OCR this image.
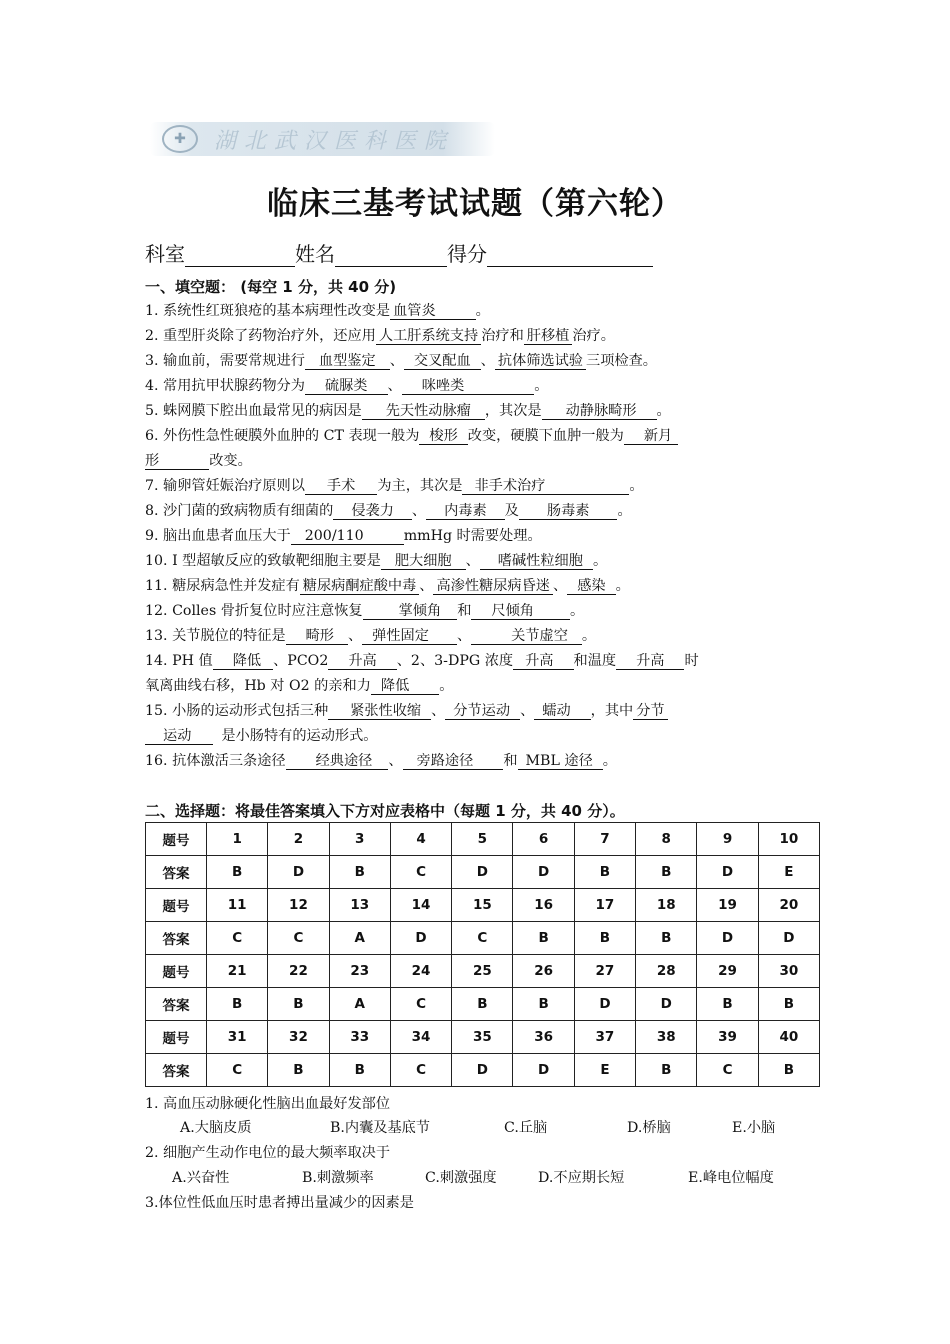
✚	湖北武汉医科医院
临床三基考试试题（第六轮）
科室	姓名	得分
一、填空题： (每空 1 分，共 40 分)
1. 系统性红斑狼疮的基本病理性改变是 血管炎	。
2. 重型肝炎除了药物治疗外，还应用 人工肝系统支持 治疗和 肝移植 治疗。
3. 输血前，需要常规进行 血型鉴定 、 交叉配血 、 抗体筛选试验 三项检查。
4. 常用抗甲状腺药物分为 硫脲类 、 咪唑类	。
5. 蛛网膜下腔出血最常见的病因是 先天性动脉瘤 ，其次是 动静脉畸形 。
6. 外伤性急性硬膜外血肿的 CT 表现一般为 梭形 改变，硬膜下血肿一般为 新月
形	改变。
7. 输卵管妊娠治疗原则以 手术 为主，其次是 非手术治疗	。
8. 沙门菌的致病物质有细菌的 侵袭力 、 内毒素 及 肠毒素 。
9. 脑出血患者血压大于 200/110	mmHg 时需要处理。
10. Ⅰ 型超敏反应的致敏靶细胞主要是 肥大细胞 、 嗜碱性粒细胞 。
11. 糖尿病急性并发症有 糖尿病酮症酸中毒 、 高渗性糖尿病昏迷 、 感染 。
12. Colles 骨折复位时应注意恢复	掌倾角 和 尺倾角	。
13. 关节脱位的特征是 畸形 、 弹性固定 、	关节虚空 。
14. PH 值 降低 、PCO2 升高 、2、3-DPG 浓度 升高 和温度 升高 时
氧离曲线右移，Hb 对 O2 的亲和力 降低 。
15. 小肠的运动形式包括三种 紧张性收缩 、 分节运动 、 蠕动 ，其中 分节
运动 是小肠特有的运动形式。
16. 抗体激活三条途径 经典途径 、 旁路途径 和 MBL 途径 。
二、选择题：将最佳答案填入下方对应表格中（每题 1 分，共 40 分）。
题号	1	2	3	4	5	6	7	8	9	10
答案	B	D	B	C	D	D	B	B	D	E
题号	11	12	13	14	15	16	17	18	19	20
答案	C	C	A	D	C	B	B	B	D	D
题号	21	22	23	24	25	26	27	28	29	30
答案	B	B	A	C	B	B	D	D	B	B
题号	31	32	33	34	35	36	37	38	39	40
答案	C	B	B	C	D	D	E	B	C	B
1. 高血压动脉硬化性脑出血最好发部位
A.大脑皮质	B.内囊及基底节	C.丘脑	D.桥脑	E.小脑
2. 细胞产生动作电位的最大频率取决于
A.兴奋性	B.刺激频率	C.刺激强度	D.不应期长短	E.峰电位幅度
3.体位性低血压时患者搏出量减少的因素是
